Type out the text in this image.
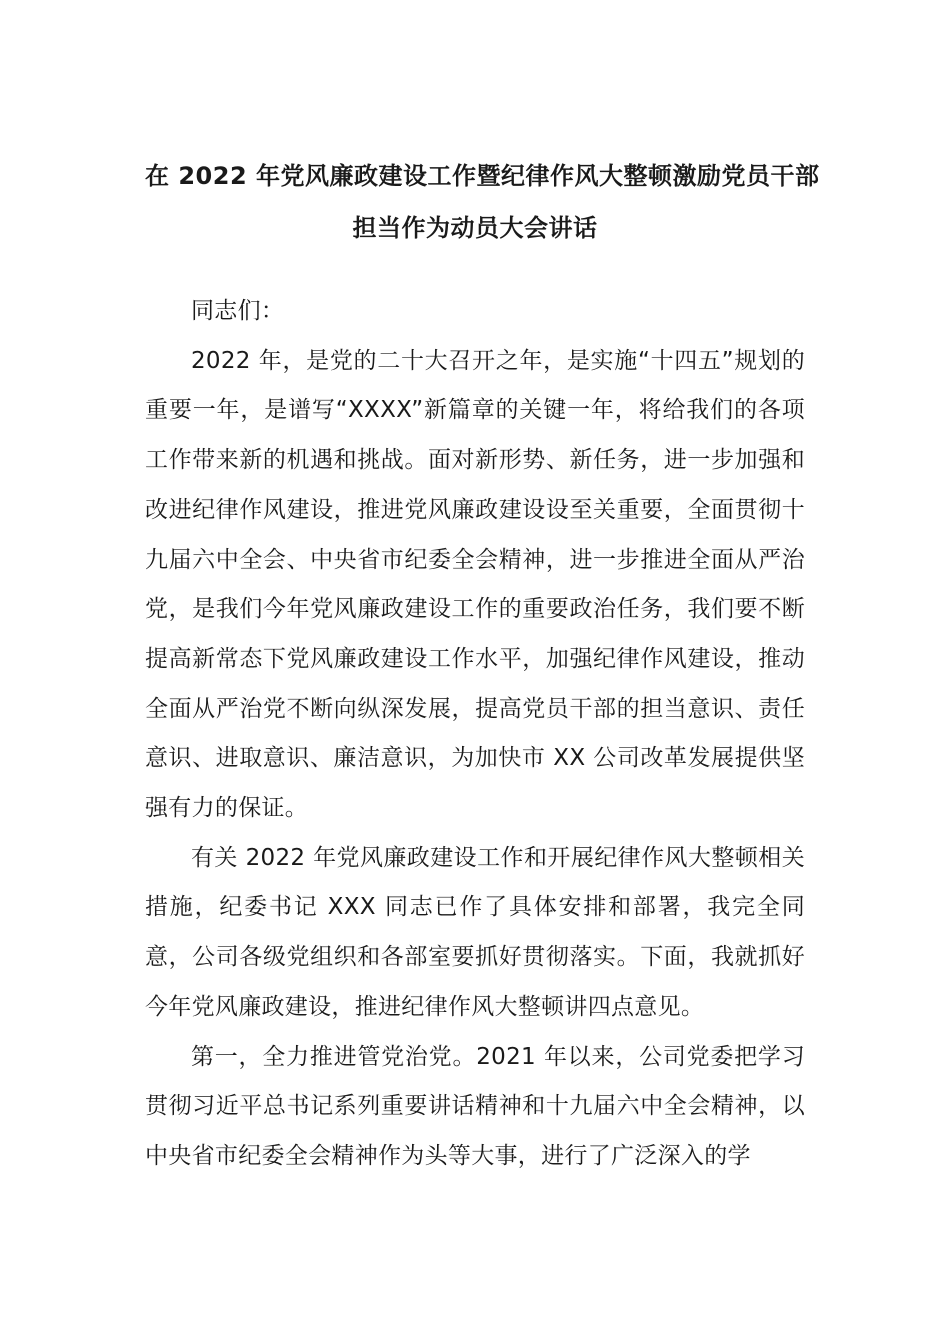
在 2022 年党风廉政建设工作暨纪律作风大整顿激励党员干部
担当作为动员大会讲话

同志们：

2022 年，是党的二十大召开之年，是实施“十四五”规划的重要一年，是谱写“XXXX”新篇章的关键一年，将给我们的各项工作带来新的机遇和挑战。面对新形势、新任务，进一步加强和改进纪律作风建设，推进党风廉政建设设至关重要，全面贯彻十九届六中全会、中央省市纪委全会精神，进一步推进全面从严治党，是我们今年党风廉政建设工作的重要政治任务，我们要不断提高新常态下党风廉政建设工作水平，加强纪律作风建设，推动全面从严治党不断向纵深发展，提高党员干部的担当意识、责任意识、进取意识、廉洁意识，为加快市 XX 公司改革发展提供坚强有力的保证。

有关 2022 年党风廉政建设工作和开展纪律作风大整顿相关措施，纪委书记 XXX 同志已作了具体安排和部署，我完全同意，公司各级党组织和各部室要抓好贯彻落实。下面，我就抓好今年党风廉政建设，推进纪律作风大整顿讲四点意见。

第一，全力推进管党治党。2021 年以来，公司党委把学习贯彻习近平总书记系列重要讲话精神和十九届六中全会精神，以中央省市纪委全会精神作为头等大事，进行了广泛深入的学
